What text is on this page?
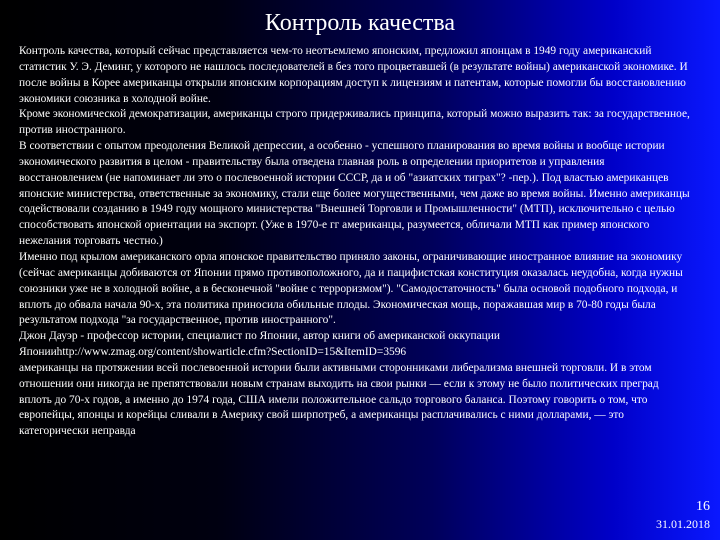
Контроль качества

Контроль качества, который сейчас представляется чем-то неотъемлемо японским, предложил японцам в 1949 году американский статистик У. Э. Деминг, у которого не нашлось последователей в без того процветавшей (в результате войны) американской экономике. И после войны в Корее американцы открыли японским корпорациям доступ к лицензиям и патентам, которые помогли бы восстановлению экономики союзника в холодной войне.

Кроме экономической демократизации, американцы строго придерживались принципа, который можно выразить так: за государственное, против иностранного.

В соответствии с опытом преодоления Великой депрессии, а особенно - успешного планирования во время войны и вообще истории экономического развития в целом - правительству была отведена главная роль в определении приоритетов и управления восстановлением (не напоминает ли это о послевоенной истории СССР, да и об "азиатских тиграх"? -пер.). Под властью американцев японские министерства, ответственные за экономику, стали еще более могущественными, чем даже во время войны. Именно американцы содействовали созданию в 1949 году мощного министерства "Внешней Торговли и Промышленности" (МТП), исключительно с целью способствовать японской ориентации на экспорт. (Уже в 1970-е гг американцы, разумеется, обличали МТП как пример японского нежелания торговать честно.)

Именно под крылом американского орла японское правительство приняло законы, ограничивающие иностранное влияние на экономику (сейчас американцы добиваются от Японии прямо противоположного, да и пацифистская конституция оказалась неудобна, когда нужны союзники уже не в холодной войне, а в бесконечной "войне с терроризмом"). "Самодостаточность" была основой подобного подхода, и вплоть до обвала начала 90-х, эта политика приносила обильные плоды. Экономическая мощь, поражавшая мир в 70-80 годы была результатом подхода "за государственное, против иностранного".

Джон Дауэр - профессор истории, специалист по Японии, автор книги об американской оккупации Японииhttp://www.zmag.org/content/showarticle.cfm?SectionID=15&ItemID=3596

американцы на протяжении всей послевоенной истории были активными сторонниками либерализма внешней торговли. И в этом отношении они никогда не препятствовали новым странам выходить на свои рынки — если к этому не было политических преград вплоть до 70-х годов, а именно до 1974 года, США имели положительное сальдо торгового баланса. Поэтому говорить о том, что европейцы, японцы и корейцы сливали в Америку свой ширпотреб, а американцы расплачивались с ними долларами, — это категорически неправда

16
31.01.2018
